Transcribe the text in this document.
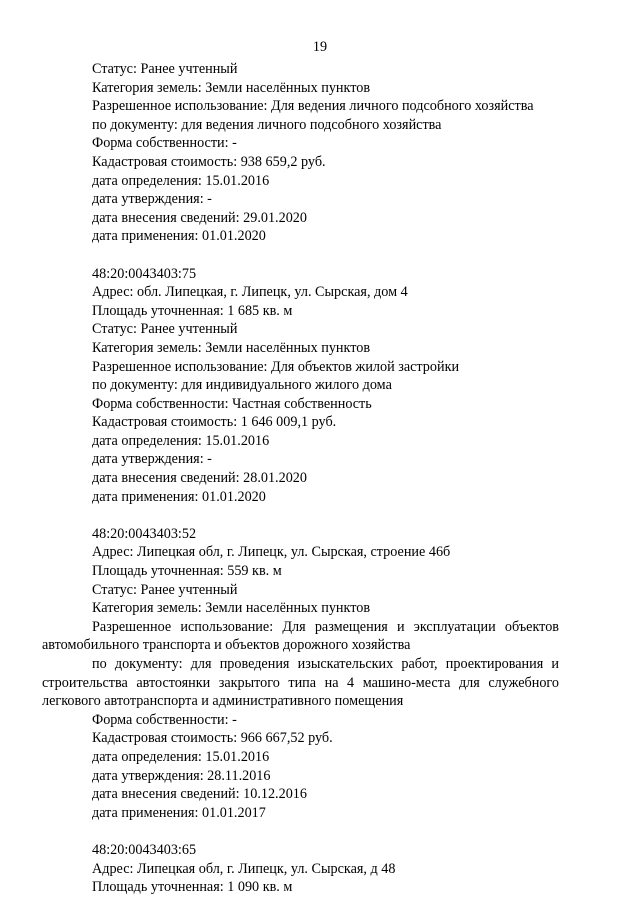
19
Статус: Ранее учтенный
Категория земель: Земли населённых пунктов
Разрешенное использование: Для ведения личного подсобного хозяйства
по документу: для ведения личного подсобного хозяйства
Форма собственности: -
Кадастровая стоимость: 938 659,2 руб.
дата определения: 15.01.2016
дата утверждения: -
дата внесения сведений: 29.01.2020
дата применения: 01.01.2020
48:20:0043403:75
Адрес: обл. Липецкая, г. Липецк, ул. Сырская, дом 4
Площадь уточненная: 1 685 кв. м
Статус: Ранее учтенный
Категория земель: Земли населённых пунктов
Разрешенное использование: Для объектов жилой застройки
по документу: для индивидуального жилого дома
Форма собственности: Частная собственность
Кадастровая стоимость: 1 646 009,1 руб.
дата определения: 15.01.2016
дата утверждения: -
дата внесения сведений: 28.01.2020
дата применения: 01.01.2020
48:20:0043403:52
Адрес: Липецкая обл, г. Липецк, ул. Сырская, строение 46б
Площадь уточненная: 559 кв. м
Статус: Ранее учтенный
Категория земель: Земли населённых пунктов
Разрешенное использование: Для размещения и эксплуатации объектов автомобильного транспорта и объектов дорожного хозяйства
по документу: для проведения изыскательских работ, проектирования и строительства автостоянки закрытого типа на 4 машино-места для служебного легкового автотранспорта и административного помещения
Форма собственности: -
Кадастровая стоимость: 966 667,52 руб.
дата определения: 15.01.2016
дата утверждения: 28.11.2016
дата внесения сведений: 10.12.2016
дата применения: 01.01.2017
48:20:0043403:65
Адрес: Липецкая обл, г. Липецк, ул. Сырская, д 48
Площадь уточненная: 1 090 кв. м
